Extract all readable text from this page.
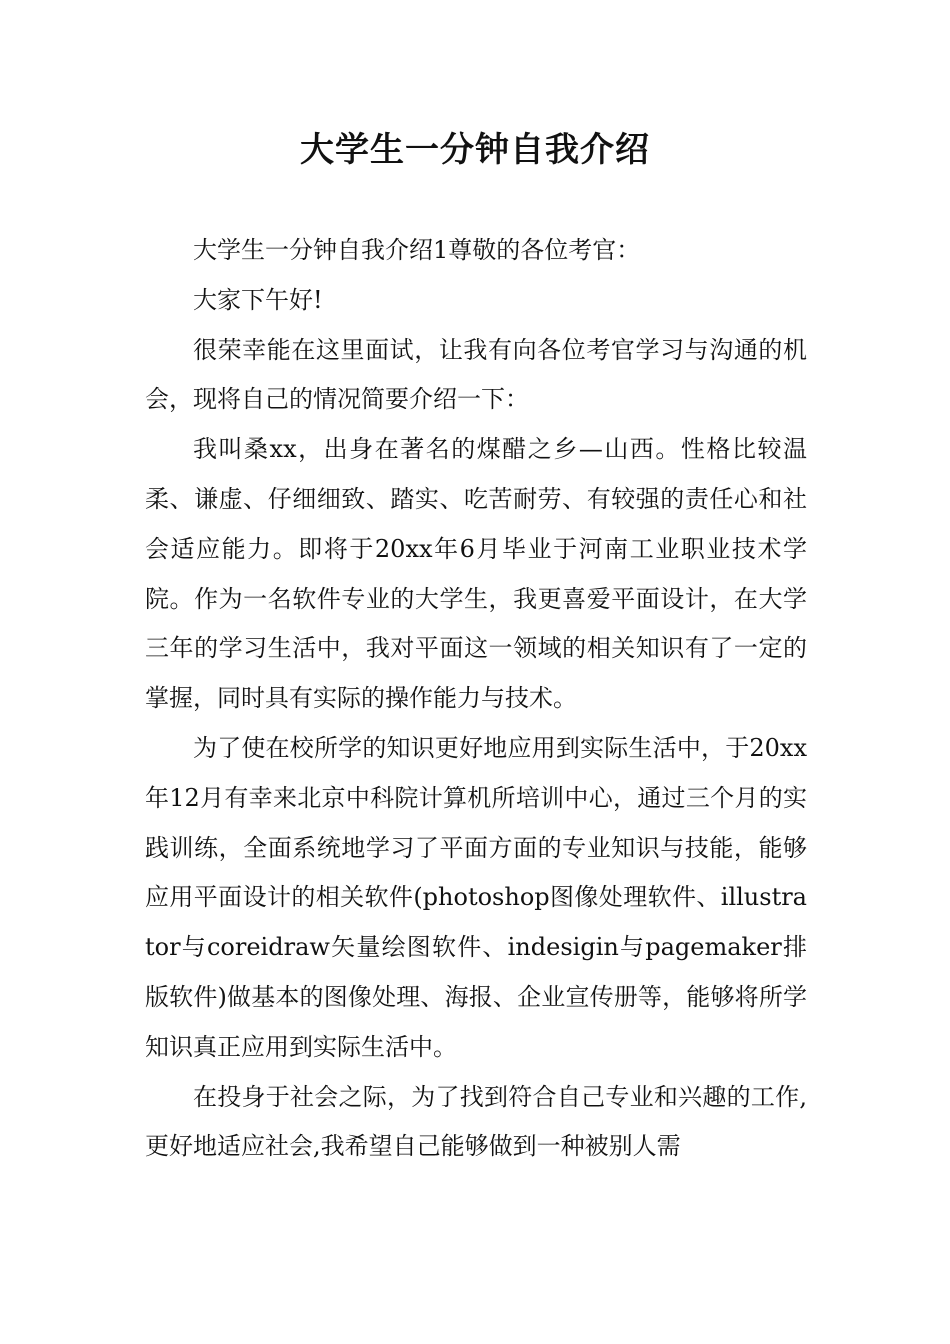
大学生一分钟自我介绍

大学生一分钟自我介绍1尊敬的各位考官：

大家下午好!

很荣幸能在这里面试，让我有向各位考官学习与沟通的机会，现将自己的情况简要介绍一下：

我叫桑xx，出身在著名的煤醋之乡—山西。性格比较温柔、谦虚、仔细细致、踏实、吃苦耐劳、有较强的责任心和社会适应能力。即将于20xx年6月毕业于河南工业职业技术学院。作为一名软件专业的大学生，我更喜爱平面设计，在大学三年的学习生活中，我对平面这一领域的相关知识有了一定的掌握，同时具有实际的操作能力与技术。

为了使在校所学的知识更好地应用到实际生活中，于20xx年12月有幸来北京中科院计算机所培训中心，通过三个月的实践训练，全面系统地学习了平面方面的专业知识与技能，能够应用平面设计的相关软件(photoshop图像处理软件、illustrator与coreidraw矢量绘图软件、indesigin与pagemaker排版软件)做基本的图像处理、海报、企业宣传册等，能够将所学知识真正应用到实际生活中。

在投身于社会之际，为了找到符合自己专业和兴趣的工作,更好地适应社会,我希望自己能够做到一种被别人需
